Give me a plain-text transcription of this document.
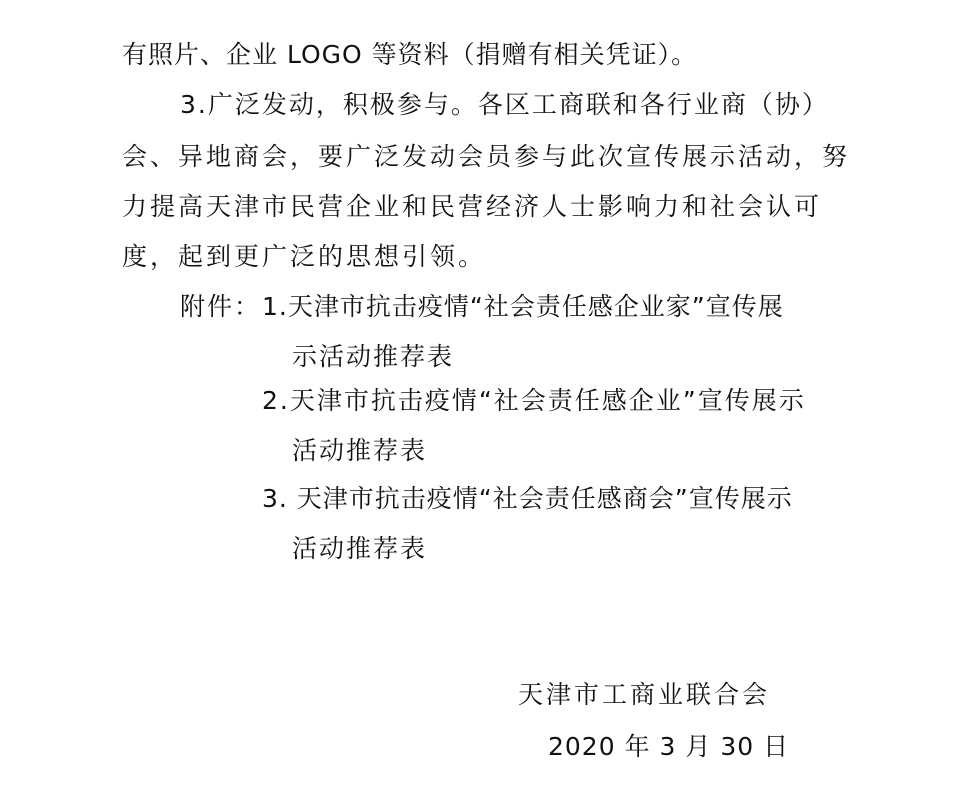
有照片、企业 LOGO 等资料（捐赠有相关凭证）。
3.广泛发动，积极参与。各区工商联和各行业商（协）
会、异地商会，要广泛发动会员参与此次宣传展示活动，努
力提高天津市民营企业和民营经济人士影响力和社会认可
度，起到更广泛的思想引领。
附件： 1.天津市抗击疫情“社会责任感企业家”宣传展
示活动推荐表
2.天津市抗击疫情“社会责任感企业”宣传展示
活动推荐表
3. 天津市抗击疫情“社会责任感商会”宣传展示
活动推荐表
天津市工商业联合会
2020 年 3 月 30 日
